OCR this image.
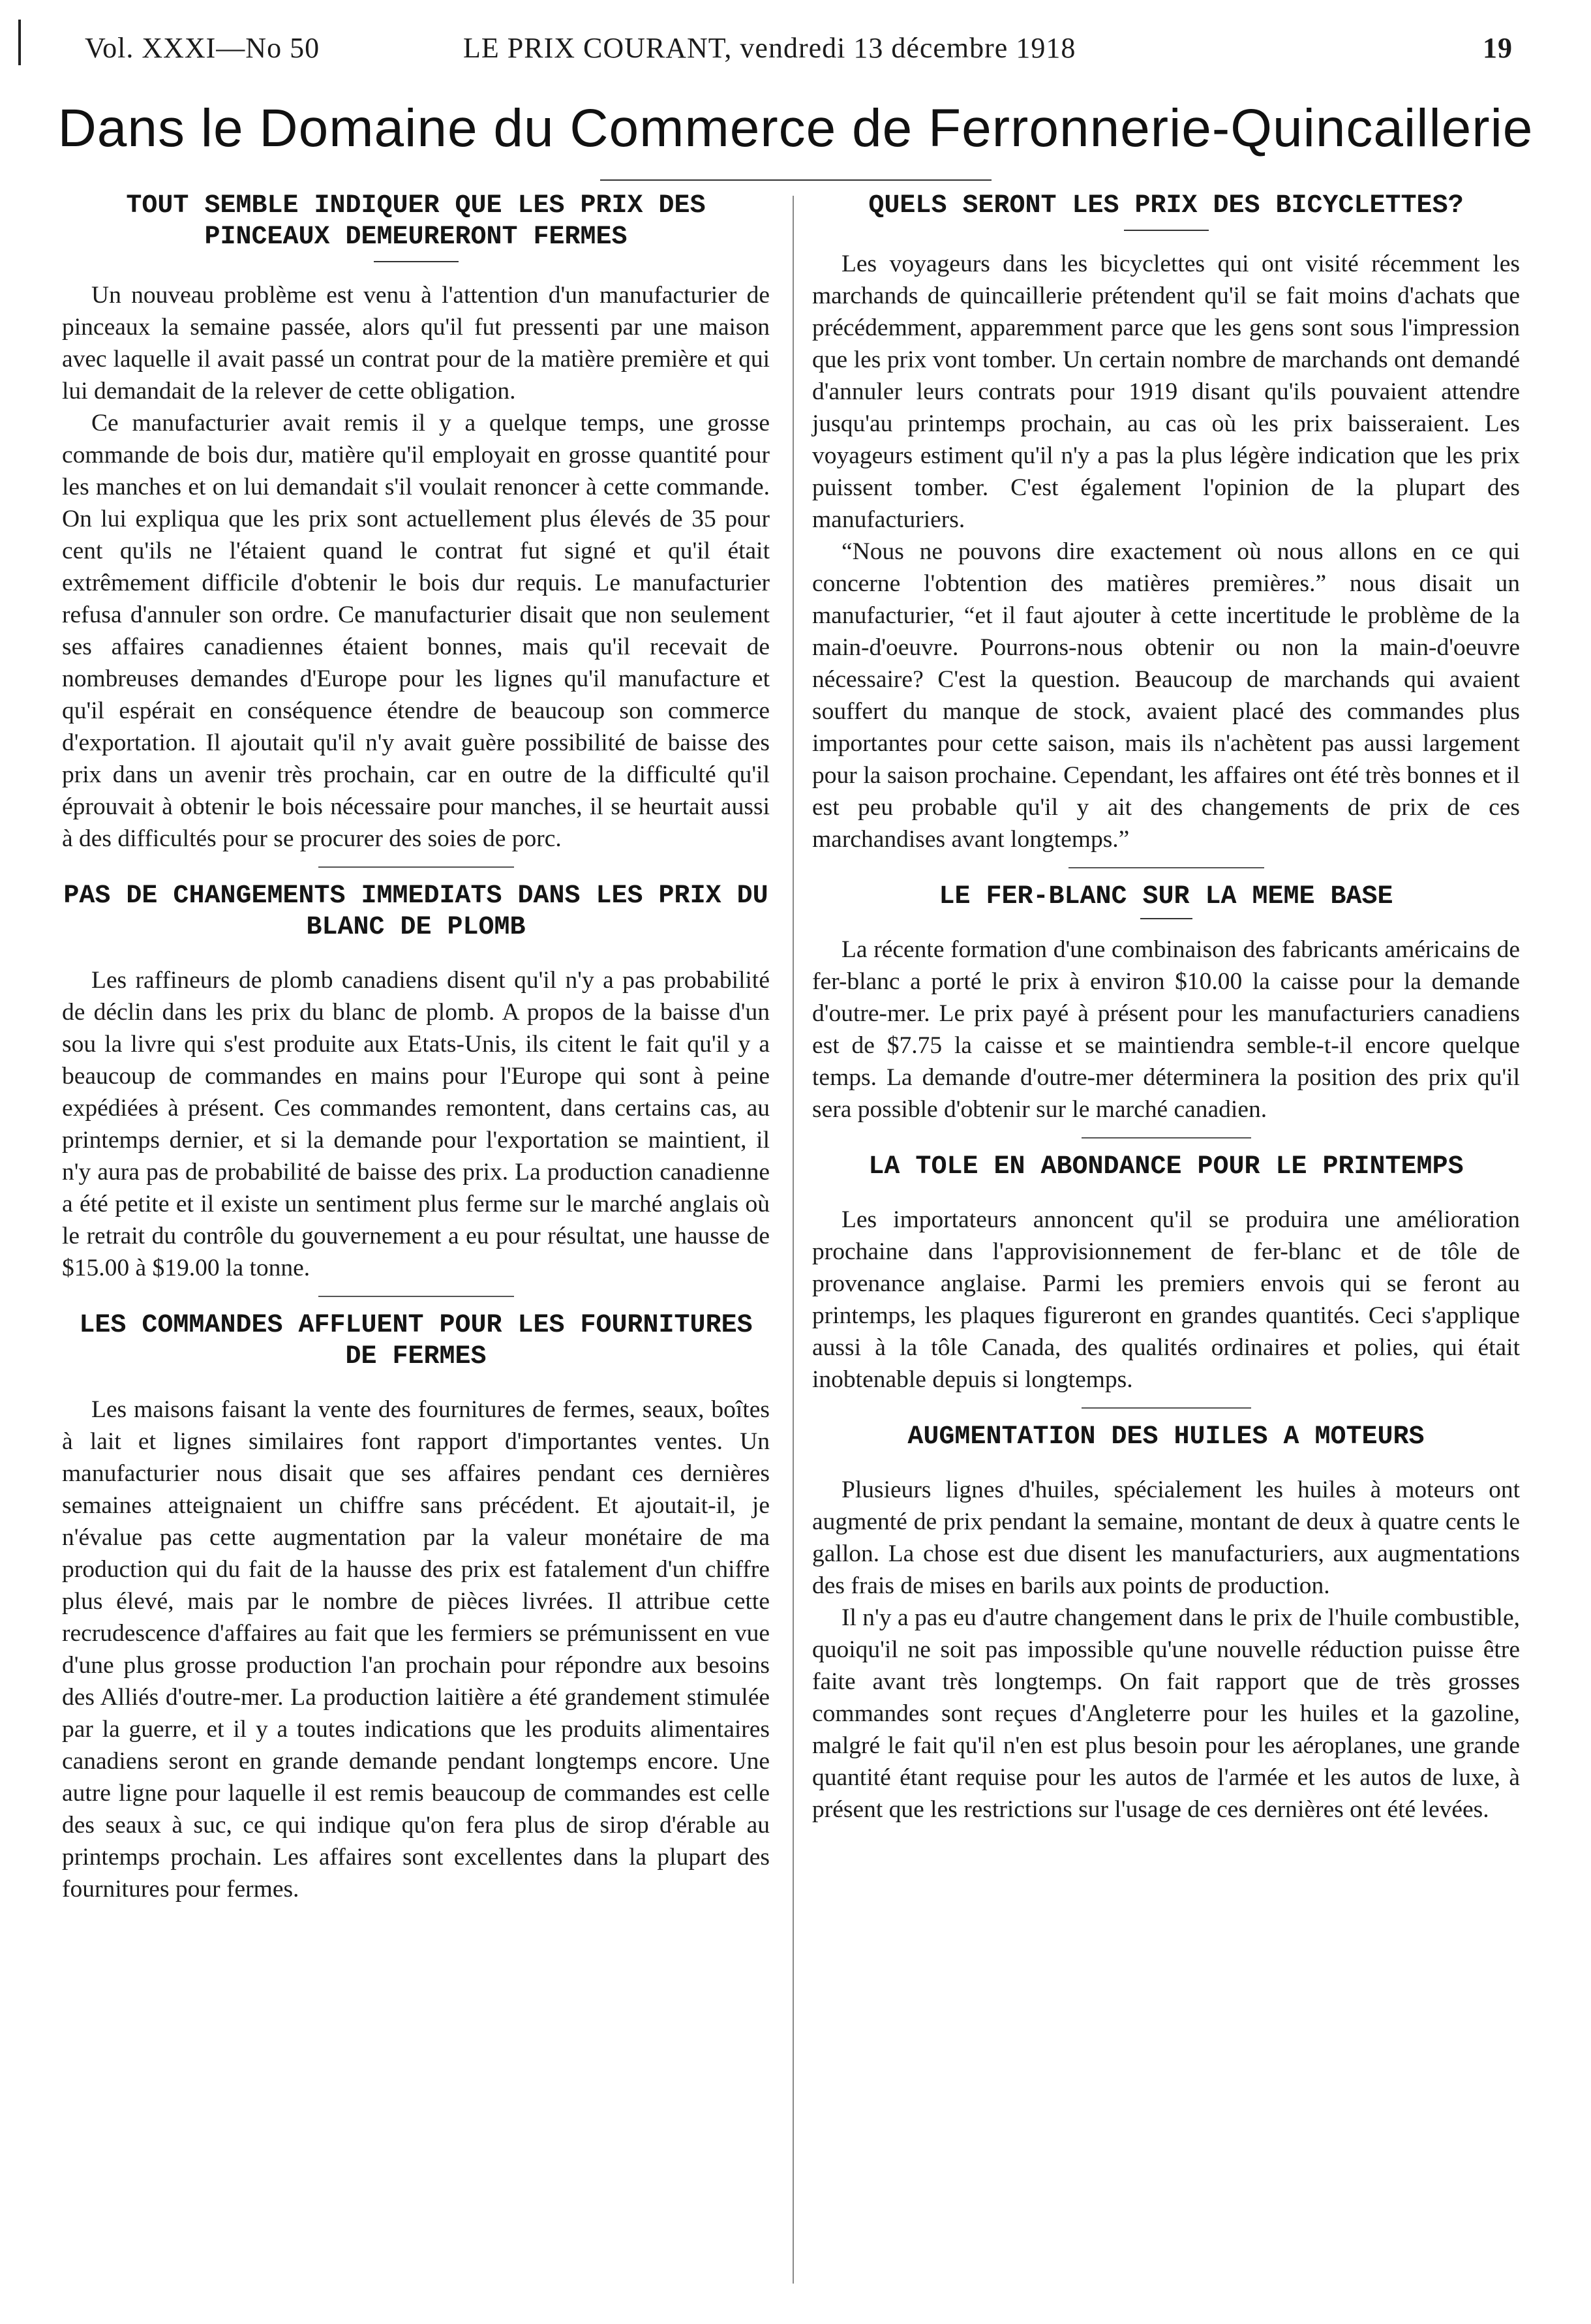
Vol. XXXI—No 50	LE PRIX COURANT, vendredi 13 décembre 1918	19
Dans le Domaine du Commerce de Ferronnerie-Quincaillerie
TOUT SEMBLE INDIQUER QUE LES PRIX DES PINCEAUX DEMEURERONT FERMES

Un nouveau problème est venu à l'attention d'un manufacturier de pinceaux la semaine passée, alors qu'il fut pressenti par une maison avec laquelle il avait passé un contrat pour de la matière première et qui lui demandait de la relever de cette obligation.

Ce manufacturier avait remis il y a quelque temps, une grosse commande de bois dur, matière qu'il employait en grosse quantité pour les manches et on lui demandait s'il voulait renoncer à cette commande. On lui expliqua que les prix sont actuellement plus élevés de 35 pour cent qu'ils ne l'étaient quand le contrat fut signé et qu'il était extrêmement difficile d'obtenir le bois dur requis. Le manufacturier refusa d'annuler son ordre. Ce manufacturier disait que non seulement ses affaires canadiennes étaient bonnes, mais qu'il recevait de nombreuses demandes d'Europe pour les lignes qu'il manufacture et qu'il espérait en conséquence étendre de beaucoup son commerce d'exportation. Il ajoutait qu'il n'y avait guère possibilité de baisse des prix dans un avenir très prochain, car en outre de la difficulté qu'il éprouvait à obtenir le bois nécessaire pour manches, il se heurtait aussi à des difficultés pour se procurer des soies de porc.

PAS DE CHANGEMENTS IMMEDIATS DANS LES PRIX DU BLANC DE PLOMB

Les raffineurs de plomb canadiens disent qu'il n'y a pas probabilité de déclin dans les prix du blanc de plomb. A propos de la baisse d'un sou la livre qui s'est produite aux Etats-Unis, ils citent le fait qu'il y a beaucoup de commandes en mains pour l'Europe qui sont à peine expédiées à présent. Ces commandes remontent, dans certains cas, au printemps dernier, et si la demande pour l'exportation se maintient, il n'y aura pas de probabilité de baisse des prix. La production canadienne a été petite et il existe un sentiment plus ferme sur le marché anglais où le retrait du contrôle du gouvernement a eu pour résultat, une hausse de $15.00 à $19.00 la tonne.

LES COMMANDES AFFLUENT POUR LES FOURNITURES DE FERMES

Les maisons faisant la vente des fournitures de fermes, seaux, boîtes à lait et lignes similaires font rapport d'importantes ventes. Un manufacturier nous disait que ses affaires pendant ces dernières semaines atteignaient un chiffre sans précédent. Et ajoutait-il, je n'évalue pas cette augmentation par la valeur monétaire de ma production qui du fait de la hausse des prix est fatalement d'un chiffre plus élevé, mais par le nombre de pièces livrées. Il attribue cette recrudescence d'affaires au fait que les fermiers se prémunissent en vue d'une plus grosse production l'an prochain pour répondre aux besoins des Alliés d'outre-mer. La production laitière a été grandement stimulée par la guerre, et il y a toutes indications que les produits alimentaires canadiens seront en grande demande pendant longtemps encore. Une autre ligne pour laquelle il est remis beaucoup de commandes est celle des seaux à suc, ce qui indique qu'on fera plus de sirop d'érable au printemps prochain. Les affaires sont excellentes dans la plupart des fournitures pour fermes.

QUELS SERONT LES PRIX DES BICYCLETTES?

Les voyageurs dans les bicyclettes qui ont visité récemment les marchands de quincaillerie prétendent qu'il se fait moins d'achats que précédemment, apparemment parce que les gens sont sous l'impression que les prix vont tomber. Un certain nombre de marchands ont demandé d'annuler leurs contrats pour 1919 disant qu'ils pouvaient attendre jusqu'au printemps prochain, au cas où les prix baisseraient. Les voyageurs estiment qu'il n'y a pas la plus légère indication que les prix puissent tomber. C'est également l'opinion de la plupart des manufacturiers.

“Nous ne pouvons dire exactement où nous allons en ce qui concerne l'obtention des matières premières.” nous disait un manufacturier, “et il faut ajouter à cette incertitude le problème de la main-d'oeuvre. Pourrons-nous obtenir ou non la main-d'oeuvre nécessaire? C'est la question. Beaucoup de marchands qui avaient souffert du manque de stock, avaient placé des commandes plus importantes pour cette saison, mais ils n'achètent pas aussi largement pour la saison prochaine. Cependant, les affaires ont été très bonnes et il est peu probable qu'il y ait des changements de prix de ces marchandises avant longtemps.”

LE FER-BLANC SUR LA MEME BASE

La récente formation d'une combinaison des fabricants américains de fer-blanc a porté le prix à environ $10.00 la caisse pour la demande d'outre-mer. Le prix payé à présent pour les manufacturiers canadiens est de $7.75 la caisse et se maintiendra semble-t-il encore quelque temps. La demande d'outre-mer déterminera la position des prix qu'il sera possible d'obtenir sur le marché canadien.

LA TOLE EN ABONDANCE POUR LE PRINTEMPS

Les importateurs annoncent qu'il se produira une amélioration prochaine dans l'approvisionnement de fer-blanc et de tôle de provenance anglaise. Parmi les premiers envois qui se feront au printemps, les plaques figureront en grandes quantités. Ceci s'applique aussi à la tôle Canada, des qualités ordinaires et polies, qui était inobtenable depuis si longtemps.

AUGMENTATION DES HUILES A MOTEURS

Plusieurs lignes d'huiles, spécialement les huiles à moteurs ont augmenté de prix pendant la semaine, montant de deux à quatre cents le gallon. La chose est due disent les manufacturiers, aux augmentations des frais de mises en barils aux points de production.

Il n'y a pas eu d'autre changement dans le prix de l'huile combustible, quoiqu'il ne soit pas impossible qu'une nouvelle réduction puisse être faite avant très longtemps. On fait rapport que de très grosses commandes sont reçues d'Angleterre pour les huiles et la gazoline, malgré le fait qu'il n'en est plus besoin pour les aéroplanes, une grande quantité étant requise pour les autos de l'armée et les autos de luxe, à présent que les restrictions sur l'usage de ces dernières ont été levées.
